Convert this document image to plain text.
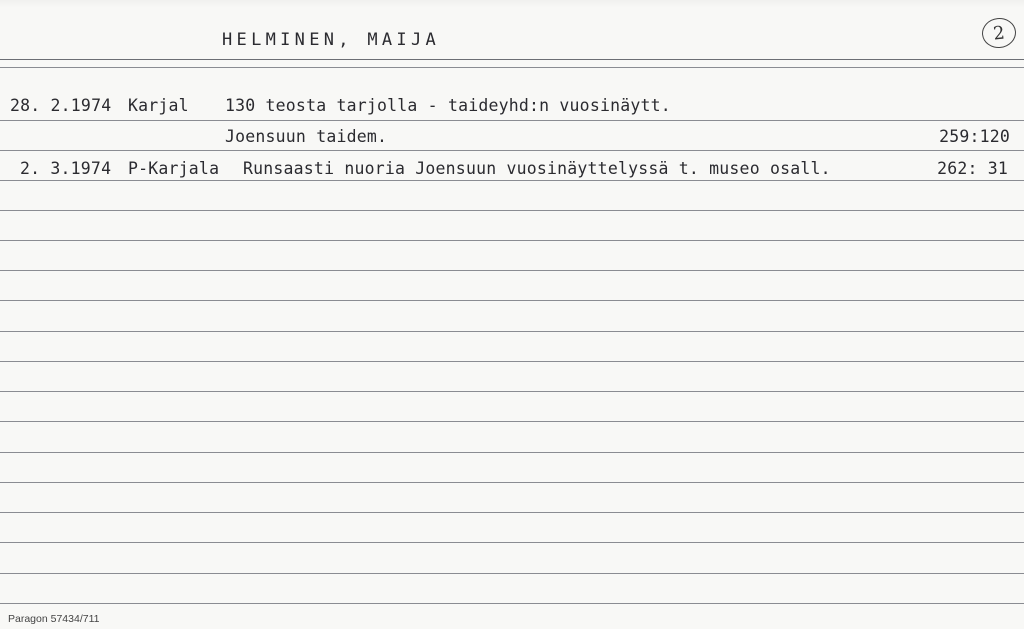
HELMINEN, MAIJA	2
28. 2.1974 Karjal 130 teosta tarjolla - taideyhd:n vuosinäytt.
Joensuun taidem.	259:120
2. 3.1974 P-Karjala Runsaasti nuoria Joensuun vuosinäyttelyssä t. museo osall.	262: 31
Paragon 57434/711
